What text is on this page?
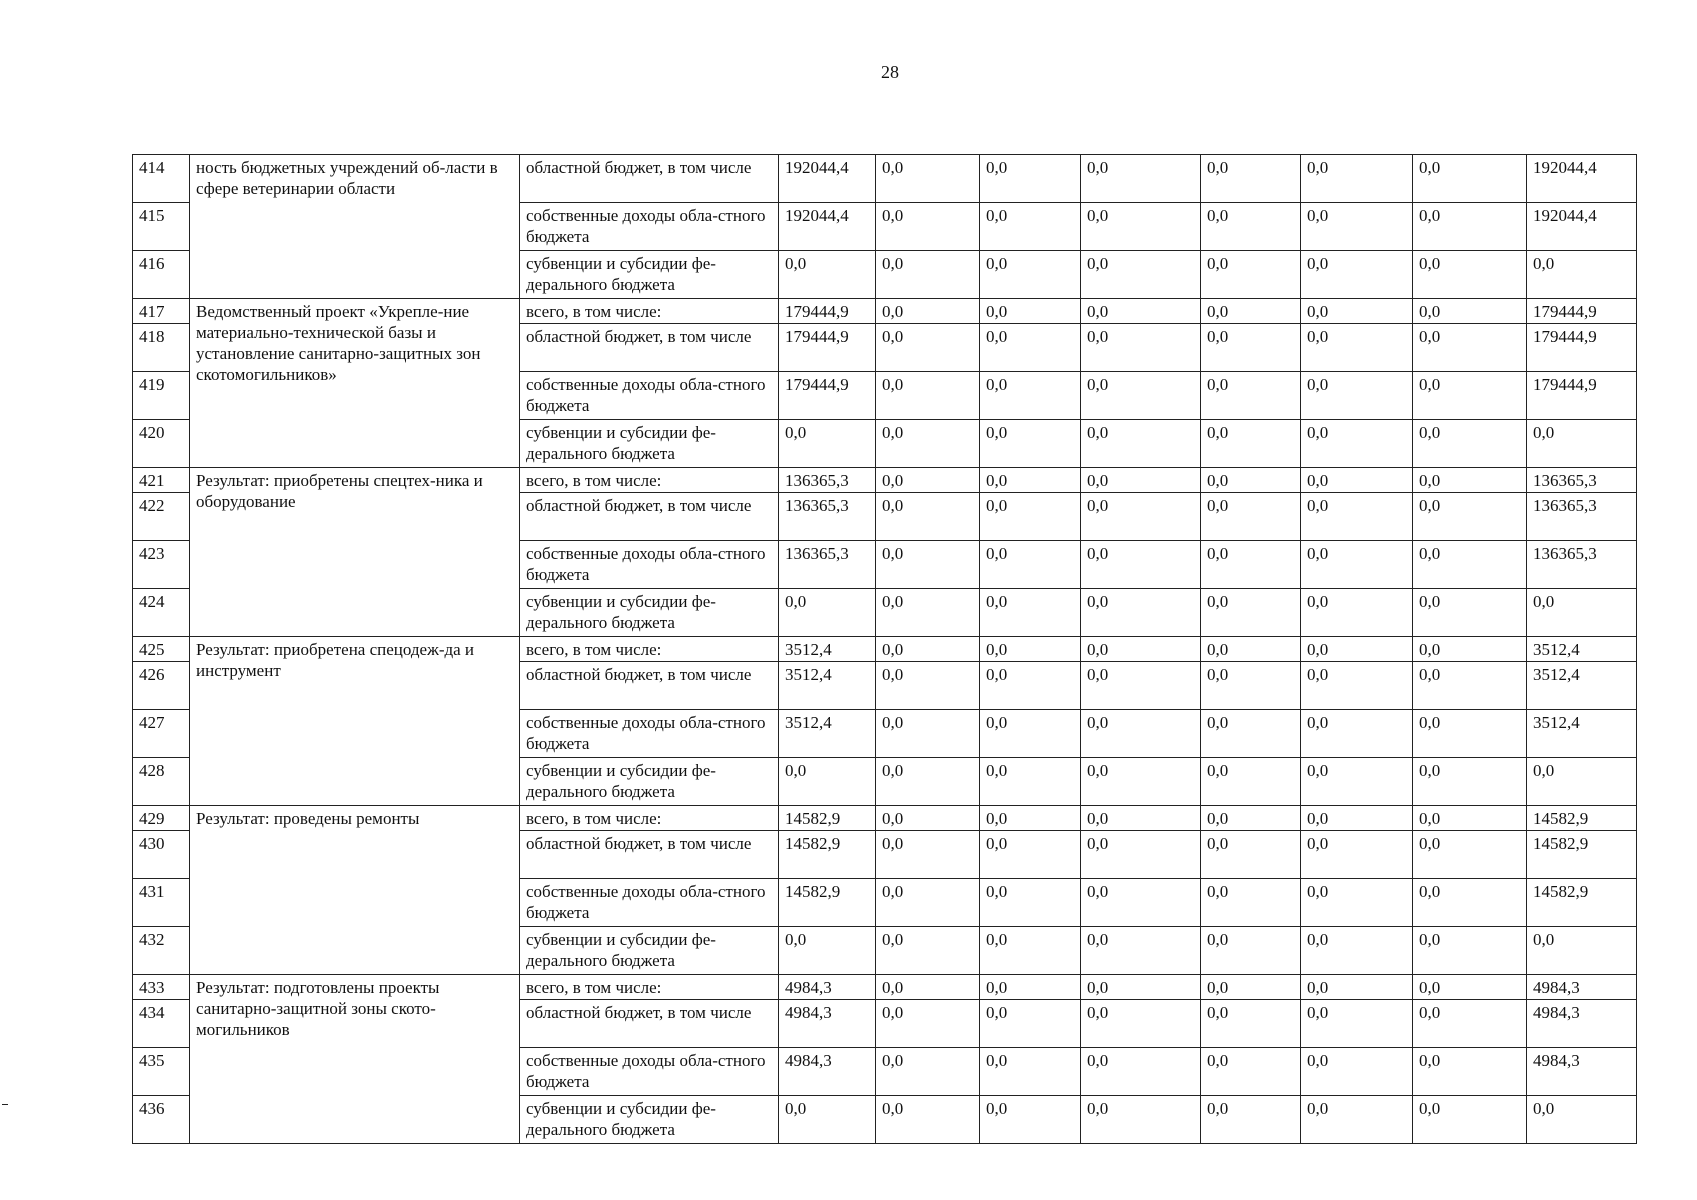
28
414	ность бюджетных учреждений об-ласти в сфере ветеринарии области	областной бюджет, в том числе	192044,4	0,0	0,0	0,0	0,0	0,0	0,0	192044,4
415		собственные доходы обла-стного бюджета	192044,4	0,0	0,0	0,0	0,0	0,0	0,0	192044,4
416		субвенции и субсидии фе-дерального бюджета	0,0	0,0	0,0	0,0	0,0	0,0	0,0	0,0
417	Ведомственный проект «Укрепле-ние материально-технической базы и установление санитарно-защитных зон скотомогильников»	всего, в том числе:	179444,9	0,0	0,0	0,0	0,0	0,0	0,0	179444,9
418		областной бюджет, в том числе	179444,9	0,0	0,0	0,0	0,0	0,0	0,0	179444,9
419		собственные доходы обла-стного бюджета	179444,9	0,0	0,0	0,0	0,0	0,0	0,0	179444,9
420		субвенции и субсидии фе-дерального бюджета	0,0	0,0	0,0	0,0	0,0	0,0	0,0	0,0
421	Результат: приобретены спецтех-ника и оборудование	всего, в том числе:	136365,3	0,0	0,0	0,0	0,0	0,0	0,0	136365,3
422		областной бюджет, в том числе	136365,3	0,0	0,0	0,0	0,0	0,0	0,0	136365,3
423		собственные доходы обла-стного бюджета	136365,3	0,0	0,0	0,0	0,0	0,0	0,0	136365,3
424		субвенции и субсидии фе-дерального бюджета	0,0	0,0	0,0	0,0	0,0	0,0	0,0	0,0
425	Результат: приобретена спецодеж-да и инструмент	всего, в том числе:	3512,4	0,0	0,0	0,0	0,0	0,0	0,0	3512,4
426		областной бюджет, в том числе	3512,4	0,0	0,0	0,0	0,0	0,0	0,0	3512,4
427		собственные доходы обла-стного бюджета	3512,4	0,0	0,0	0,0	0,0	0,0	0,0	3512,4
428		субвенции и субсидии фе-дерального бюджета	0,0	0,0	0,0	0,0	0,0	0,0	0,0	0,0
429	Результат: проведены ремонты	всего, в том числе:	14582,9	0,0	0,0	0,0	0,0	0,0	0,0	14582,9
430		областной бюджет, в том числе	14582,9	0,0	0,0	0,0	0,0	0,0	0,0	14582,9
431		собственные доходы обла-стного бюджета	14582,9	0,0	0,0	0,0	0,0	0,0	0,0	14582,9
432		субвенции и субсидии фе-дерального бюджета	0,0	0,0	0,0	0,0	0,0	0,0	0,0	0,0
433	Результат: подготовлены проекты санитарно-защитной зоны ското-могильников	всего, в том числе:	4984,3	0,0	0,0	0,0	0,0	0,0	0,0	4984,3
434		областной бюджет, в том числе	4984,3	0,0	0,0	0,0	0,0	0,0	0,0	4984,3
435		собственные доходы обла-стного бюджета	4984,3	0,0	0,0	0,0	0,0	0,0	0,0	4984,3
436		субвенции и субсидии фе-дерального бюджета	0,0	0,0	0,0	0,0	0,0	0,0	0,0	0,0
